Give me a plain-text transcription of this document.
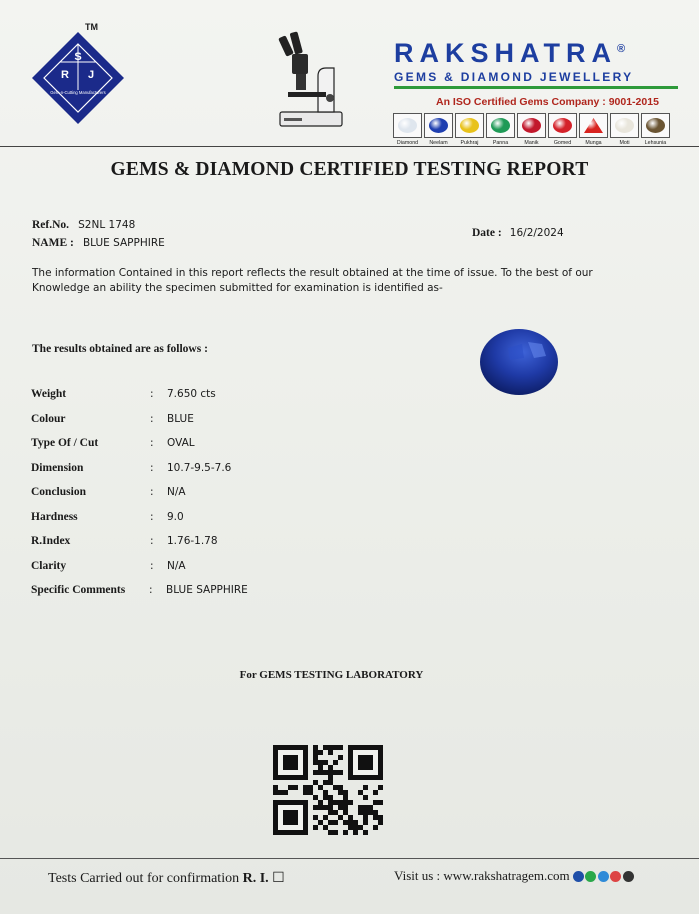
S
R J
Gem-n-Cutting Manufacturers
TM
RAKSHATRA®
GEMS & DIAMOND JEWELLERY
An ISO Certified Gems Company : 9001-2015
Diamond Neelam Pukhraj	Panna	Manik	Gomed	Munga	Moti	Lehsunia
GEMS & DIAMOND CERTIFIED TESTING REPORT
Ref.No. S2NL 1748
NAME : BLUE SAPPHIRE
Date : 16/2/2024
The information Contained in this report reflects the result obtained at the time of issue. To the best of our
Knowledge an ability the specimen submitted for examination is identified as-
The results obtained are as follows :
Weight	: 7.650 cts
Colour	: BLUE
Type Of / Cut	: OVAL
Dimension	: 10.7-9.5-7.6
Conclusion	: N/A
Hardness	: 9.0
R.Index	: 1.76-1.78
Clarity	: N/A
Specific Comments : BLUE SAPPHIRE
For GEMS TESTING LABORATORY
Tests Carried out for confirmation R. I. ☐	Visit us : www.rakshatragem.com
